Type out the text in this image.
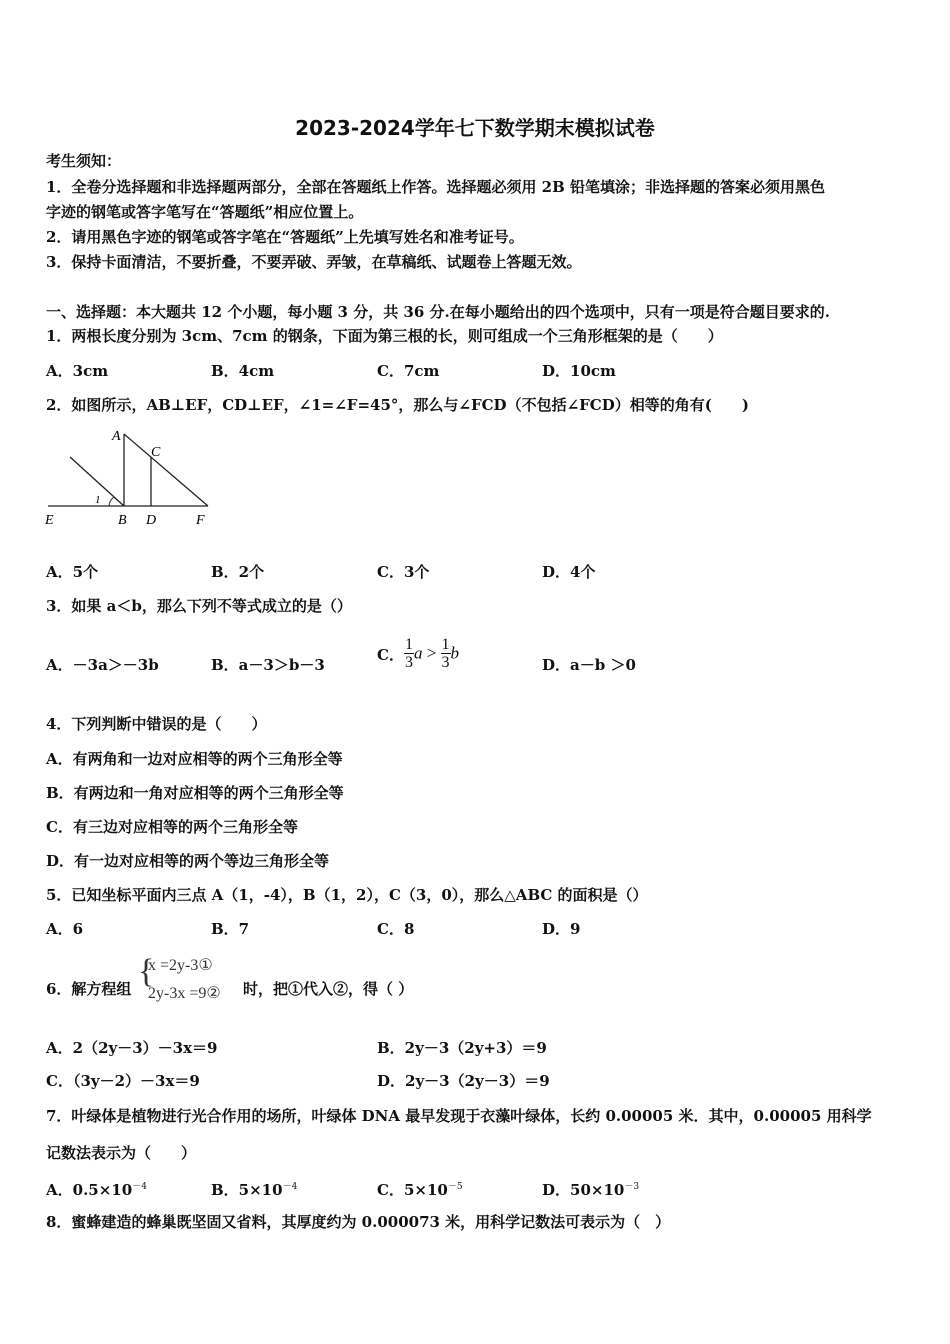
2023-2024学年七下数学期末模拟试卷
考生须知：
1．全卷分选择题和非选择题两部分，全部在答题纸上作答。选择题必须用 2B 铅笔填涂；非选择题的答案必须用黑色
字迹的钢笔或答字笔写在“答题纸”相应位置上。
2．请用黑色字迹的钢笔或答字笔在“答题纸”上先填写姓名和准考证号。
3．保持卡面清洁，不要折叠，不要弄破、弄皱，在草稿纸、试题卷上答题无效。
一、选择题：本大题共 12 个小题，每小题 3 分，共 36 分.在每小题给出的四个选项中，只有一项是符合题目要求的.
1．两根长度分别为 3cm、7cm 的钢条，下面为第三根的长，则可组成一个三角形框架的是（　　）
A．3cm	B．4cm	C．7cm	D．10cm
2．如图所示，AB⊥EF，CD⊥EF，∠1=∠F=45°，那么与∠FCD（不包括∠FCD）相等的角有(　　)
A
C
E	B D	F
1
A．5个	B．2个	C．3个	D．4个
3．如果 a＜b，那么下列不等式成立的是（）
A．－3a＞－3b	B．a－3＞b－3
C． $\frac{1}{3}$ $a > \frac{1}{3}$ b
D．a－b ＞0
4．下列判断中错误的是（　　）
A．有两角和一边对应相等的两个三角形全等
B．有两边和一角对应相等的两个三角形全等
C．有三边对应相等的两个三角形全等
D．有一边对应相等的两个等边三角形全等
5．已知坐标平面内三点 A（1，-4），B（1，2），C（3，0），那么△ABC 的面积是（）
A．6	B．7	C．8	D．9
6．解方程组 {
x =2y-3①
2y-3x =9② 时，把①代入②，得（ ）
A．2（2y－3）－3x＝9	B．2y－3（2y+3）＝9
C．（3y－2）－3x＝9	D．2y－3（2y－3）＝9
7．叶绿体是植物进行光合作用的场所，叶绿体 DNA 最早发现于衣藻叶绿体，长约 0.00005 米．其中，0.00005 用科学
记数法表示为（　　）
A．$0.5\times 10^{-4}$	B．$5\times 10^{-4}$	C．$5\times 10^{-5}$	D．$50\times 10^{-3}$
8．蜜蜂建造的蜂巢既坚固又省料，其厚度约为 0.000073 米，用科学记数法可表示为（　）
